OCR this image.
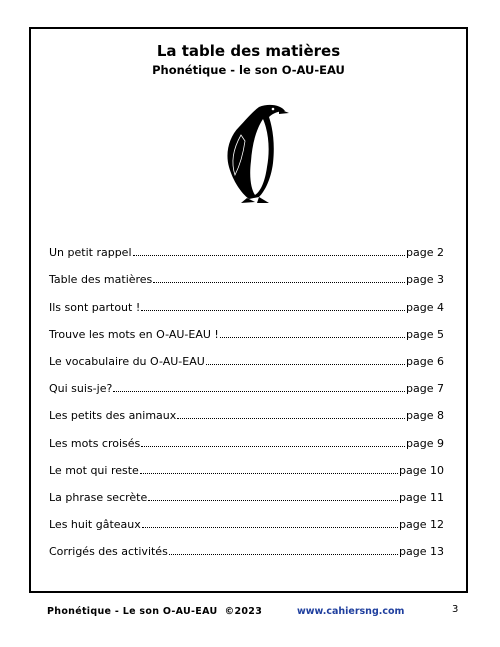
La table des matières
Phonétique - le son O-AU-EAU
Un petit rappel	page 2
Table des matières	page 3
Ils sont partout !	page 4
Trouve les mots en O-AU-EAU !	page 5
Le vocabulaire du O-AU-EAU	page 6
Qui suis-je?	page 7
Les petits des animaux	page 8
Les mots croisés	page 9
Le mot qui reste	page 10
La phrase secrète	page 11
Les huit gâteaux	page 12
Corrigés des activités	page 13
Phonétique - Le son O-AU-EAU  ©2023	www.cahiersng.com	3
